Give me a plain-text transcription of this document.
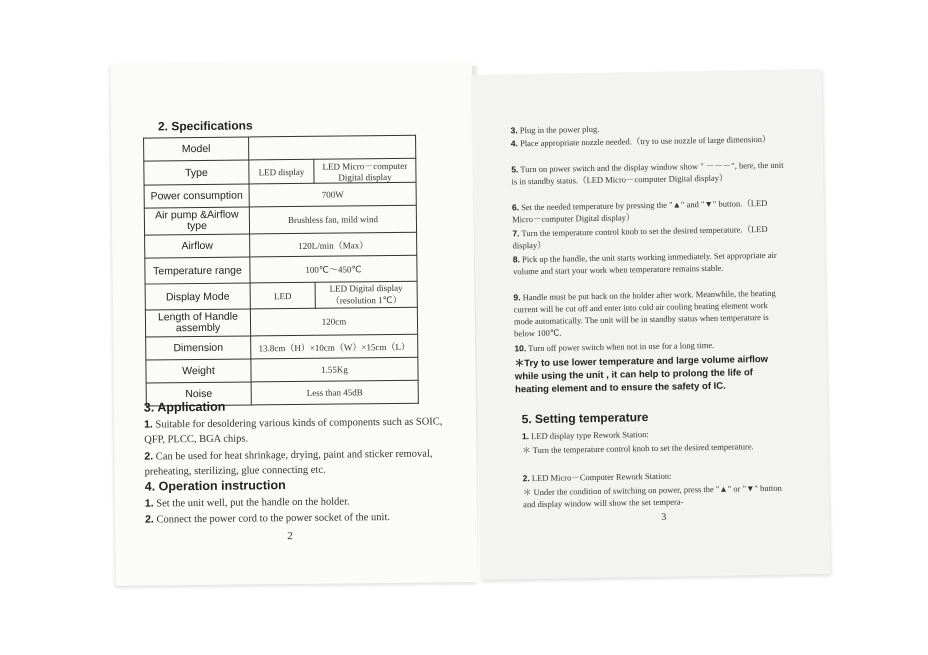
2. Specifications
Model		
Type	LED display	LED Micro－computer Digital display
Power consumption	700W	
Air pump &Airflow type	Brushless fan, mild wind	
Airflow	120L/min（Max）	
Temperature range	100℃～450℃	
Display Mode	LED	LED Digital display（resolution 1℃）
Length of Handle assembly	120cm	
Dimension	13.8cm（H）×10cm（W）×15cm（L）	
Weight	1.55Kg	
Noise	Less than 45dB	
3. Application

1. Suitable for desoldering various kinds of components such as SOIC, QFP, PLCC, BGA chips.

2. Can be used for heat shrinkage, drying, paint and sticker removal, preheating, sterilizing, glue connecting etc.

4. Operation instruction

1. Set the unit well, put the handle on the holder.

2. Connect the power cord to the power socket of the unit.

2

3. Plug in the power plug.

4. Place appropriate nozzle needed.（try to use nozzle of large dimension）

5. Turn on power switch and the display window show " －－－", here, the unit is in standby status.（LED Micro－computer Digital display）

6. Set the needed temperature by pressing the "▲" and "▼" button.（LED Micro－computer Digital display）

7. Turn the temperature control knob to set the desired temperature.（LED display）

8. Pick up the handle, the unit starts working immediately. Set appropriate air volume and start your work when temperature remains stable.

9. Handle must be put back on the holder after work. Meanwhile, the heating current will be cut off and enter into cold air cooling heating element work mode automatically. The unit will be in standby status when temperature is below 100℃.

10. Turn off power switch when not in use for a long time.

＊Try to use lower temperature and large volume airflow while using the unit , it can help to prolong the life of heating element and to ensure the safety of IC.

5. Setting temperature

1. LED display type Rework Station:

＊ Turn the temperature control knob to set the desired temperature.

2. LED Micro－Computer Rework Station:

＊ Under the condition of switching on power, press the "▲" or "▼" button and display window will show the set tempera-

3
